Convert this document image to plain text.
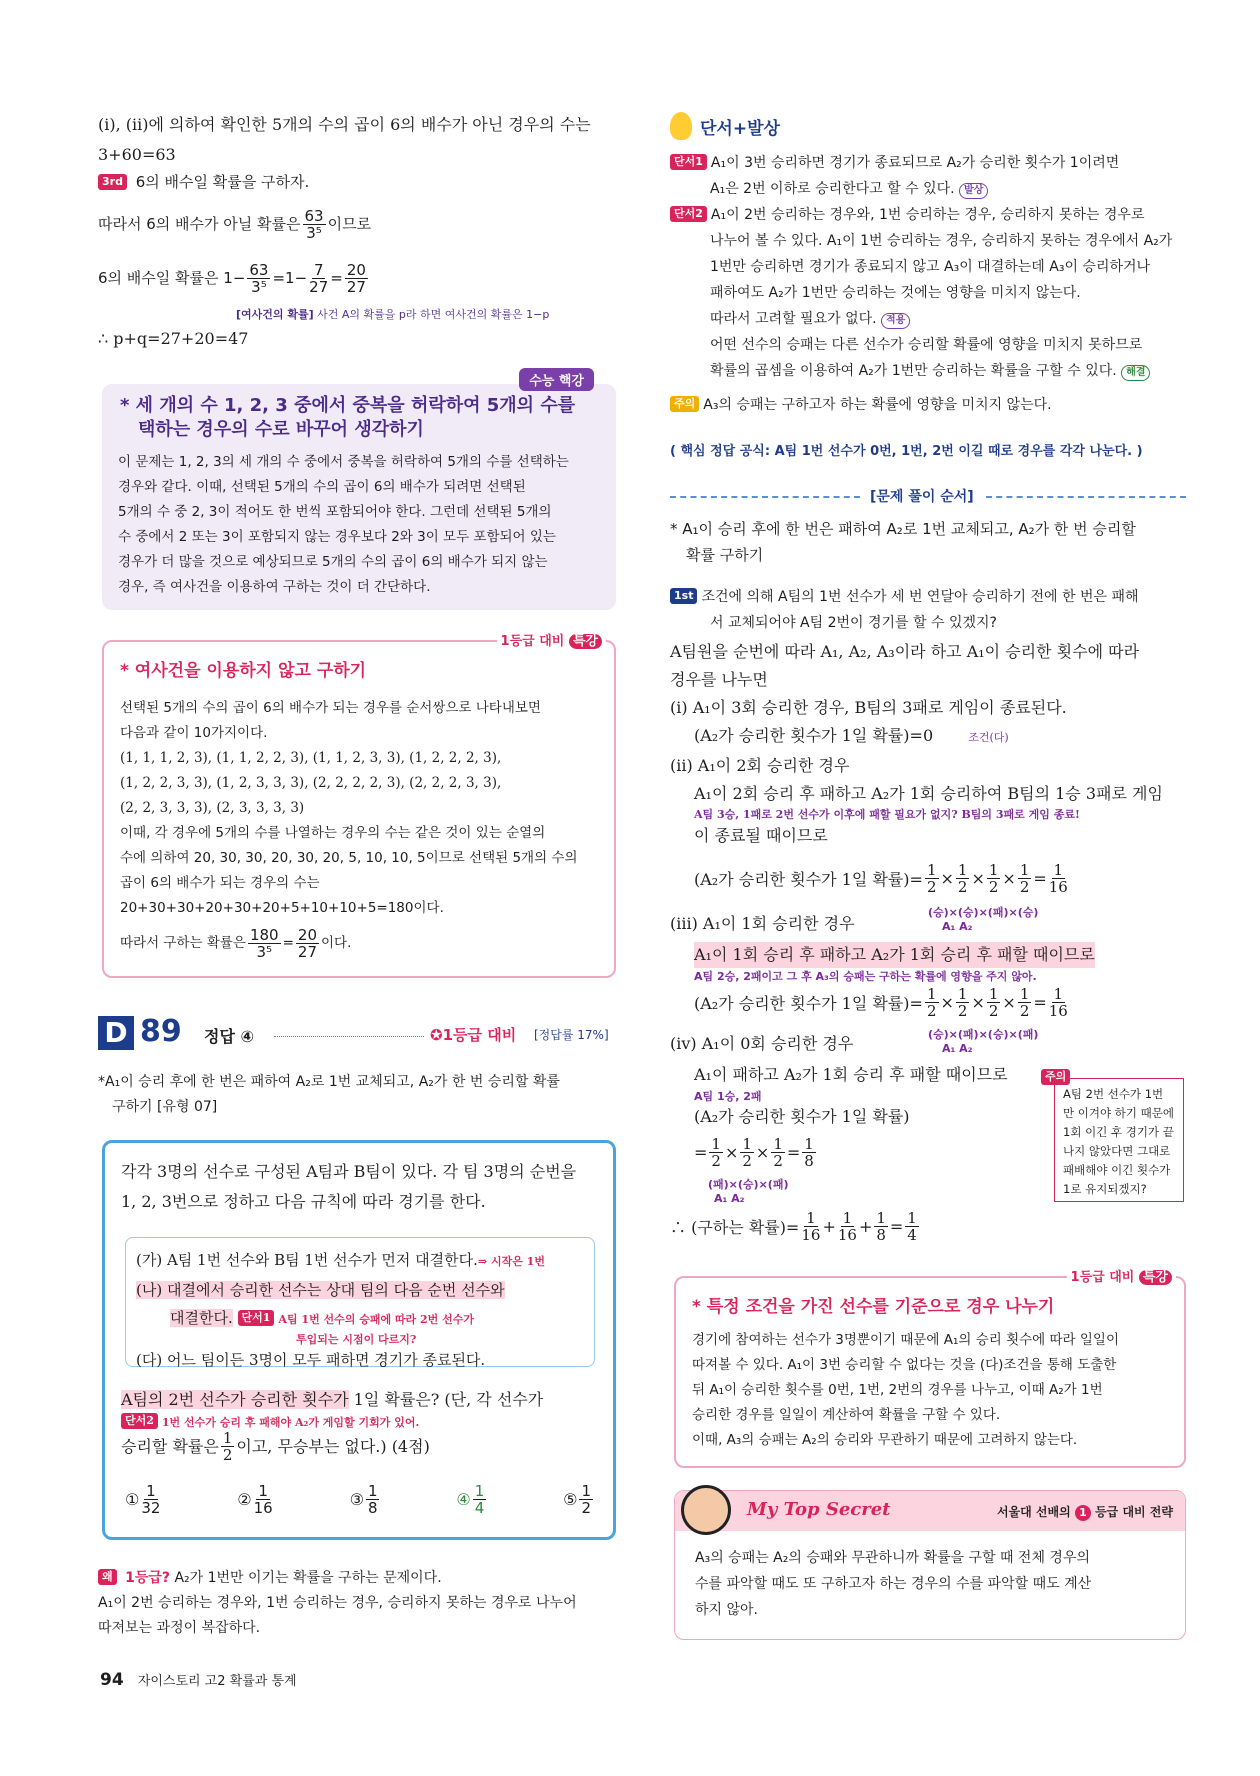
(i), (ii)에 의하여 확인한 5개의 수의 곱이 6의 배수가 아닌 경우의 수는
3+60=63
3rd 6의 배수일 확률을 구하자.
따라서 6의 배수가 아닐 확률은 $\frac{63}{\text{3⁵}}$ 이므로
6의 배수일 확률은 $1- \frac{63}{\text{3⁵}} =1- \frac{7}{27} = \frac{20}{27}$
[여사건의 확률] 사건 A의 확률을 p라 하면 여사건의 확률은 1−p
∴ p+q=27+20=47
수능 핵강
* 세 개의 수 1, 2, 3 중에서 중복을 허락하여 5개의 수를
택하는 경우의 수로 바꾸어 생각하기
이 문제는 1, 2, 3의 세 개의 수 중에서 중복을 허락하여 5개의 수를 선택하는
경우와 같다. 이때, 선택된 5개의 수의 곱이 6의 배수가 되려면 선택된
5개의 수 중 2, 3이 적어도 한 번씩 포함되어야 한다. 그런데 선택된 5개의
수 중에서 2 또는 3이 포함되지 않는 경우보다 2와 3이 모두 포함되어 있는
경우가 더 많을 것으로 예상되므로 5개의 수의 곱이 6의 배수가 되지 않는
경우, 즉 여사건을 이용하여 구하는 것이 더 간단하다.
1등급 대비 특강
* 여사건을 이용하지 않고 구하기
선택된 5개의 수의 곱이 6의 배수가 되는 경우를 순서쌍으로 나타내보면
다음과 같이 10가지이다.
(1, 1, 1, 2, 3), (1, 1, 2, 2, 3), (1, 1, 2, 3, 3), (1, 2, 2, 2, 3),
(1, 2, 2, 3, 3), (1, 2, 3, 3, 3), (2, 2, 2, 2, 3), (2, 2, 2, 3, 3),
(2, 2, 3, 3, 3), (2, 3, 3, 3, 3)
이때, 각 경우에 5개의 수를 나열하는 경우의 수는 같은 것이 있는 순열의
수에 의하여 20, 30, 30, 20, 30, 20, 5, 10, 10, 5이므로 선택된 5개의 수의
곱이 6의 배수가 되는 경우의 수는
20+30+30+20+30+20+5+10+10+5=180이다.
따라서 구하는 확률은 $\frac{180}{\text{3⁵}} = \frac{20}{27}$ 이다.
D 89 정답 ④	✪1등급 대비 [정답률 17%]
*A₁이 승리 후에 한 번은 패하여 A₂로 1번 교체되고, A₂가 한 번 승리할 확률
구하기 [유형 07]
각각 3명의 선수로 구성된 A팀과 B팀이 있다. 각 팀 3명의 순번을
1, 2, 3번으로 정하고 다음 규칙에 따라 경기를 한다.
(가) A팀 1번 선수와 B팀 1번 선수가 먼저 대결한다.⇒ 시작은 1번
(나) 대결에서 승리한 선수는 상대 팀의 다음 순번 선수와
대결한다. 단서1 A팀 1번 선수의 승패에 따라 2번 선수가
투입되는 시점이 다르지?
(다) 어느 팀이든 3명이 모두 패하면 경기가 종료된다.
A팀의 2번 선수가 승리한 횟수가 1일 확률은? (단, 각 선수가
단서2 1번 선수가 승리 후 패해야 A₂가 게임할 기회가 있어.
승리할 확률은 $\frac{1}{2}$ 이고, 무승부는 없다.) (4점)
① $\frac{1}{32}$	② $\frac{1}{16}$	③ $\frac{1}{8}$	④ $\frac{1}{4}$	⑤ $\frac{1}{2}$
왜 1등급? A₂가 1번만 이기는 확률을 구하는 문제이다.
A₁이 2번 승리하는 경우와, 1번 승리하는 경우, 승리하지 못하는 경우로 나누어
따져보는 과정이 복잡하다.
94 자이스토리 고2 확률과 통계
단서+발상
단서1 A₁이 3번 승리하면 경기가 종료되므로 A₂가 승리한 횟수가 1이려면
A₁은 2번 이하로 승리한다고 할 수 있다. 발상
단서2 A₁이 2번 승리하는 경우와, 1번 승리하는 경우, 승리하지 못하는 경우로
나누어 볼 수 있다. A₁이 1번 승리하는 경우, 승리하지 못하는 경우에서 A₂가
1번만 승리하면 경기가 종료되지 않고 A₃이 대결하는데 A₃이 승리하거나
패하여도 A₂가 1번만 승리하는 것에는 영향을 미치지 않는다.
따라서 고려할 필요가 없다. 적용
어떤 선수의 승패는 다른 선수가 승리할 확률에 영향을 미치지 못하므로
확률의 곱셈을 이용하여 A₂가 1번만 승리하는 확률을 구할 수 있다. 해결
주의 A₃의 승패는 구하고자 하는 확률에 영향을 미치지 않는다.
( 핵심 정답 공식: A팀 1번 선수가 0번, 1번, 2번 이길 때로 경우를 각각 나눈다. )
[문제 풀이 순서]
* A₁이 승리 후에 한 번은 패하여 A₂로 1번 교체되고, A₂가 한 번 승리할
확률 구하기
1st 조건에 의해 A팀의 1번 선수가 세 번 연달아 승리하기 전에 한 번은 패해
서 교체되어야 A팀 2번이 경기를 할 수 있겠지?
A팀원을 순번에 따라 A₁, A₂, A₃이라 하고 A₁이 승리한 횟수에 따라
경우를 나누면
(i) A₁이 3회 승리한 경우, B팀의 3패로 게임이 종료된다.
(A₂가 승리한 횟수가 1일 확률)=0	조건(다)
(ii) A₁이 2회 승리한 경우
A₁이 2회 승리 후 패하고 A₂가 1회 승리하여 B팀의 1승 3패로 게임
A팀 3승, 1패로 2번 선수가 이후에 패할 필요가 없지? B팀의 3패로 게임 종료!
이 종료될 때이므로
(A₂가 승리한 횟수가 1일 확률)= $\frac{1}{2} \times \frac{1}{2} \times \frac{1}{2} \times \frac{1}{2} = \frac{1}{16}$
(승)×(승)×(패)×(승)
A₁ A₂
(iii) A₁이 1회 승리한 경우
A₁이 1회 승리 후 패하고 A₂가 1회 승리 후 패할 때이므로
A팀 2승, 2패이고 그 후 A₃의 승패는 구하는 확률에 영향을 주지 않아.
(A₂가 승리한 횟수가 1일 확률)= $\frac{1}{2} \times \frac{1}{2} \times \frac{1}{2} \times \frac{1}{2} = \frac{1}{16}$
(승)×(패)×(승)×(패)
A₁ A₂
(iv) A₁이 0회 승리한 경우
A₁이 패하고 A₂가 1회 승리 후 패할 때이므로
A팀 1승, 2패
(A₂가 승리한 횟수가 1일 확률)
= $\frac{1}{2} \times \frac{1}{2} \times \frac{1}{2} = \frac{1}{8}$
(패)×(승)×(패)
A₁ A₂
주의
A팀 2번 선수가 1번
만 이겨야 하기 때문에
1회 이긴 후 경기가 끝
나지 않았다면 그대로
패배해야 이긴 횟수가
1로 유지되겠지?
∴ (구하는 확률)= $\frac{1}{16} + \frac{1}{16} + \frac{1}{8} = \frac{1}{4}$
1등급 대비 특강
* 특정 조건을 가진 선수를 기준으로 경우 나누기
경기에 참여하는 선수가 3명뿐이기 때문에 A₁의 승리 횟수에 따라 일일이
따져볼 수 있다. A₁이 3번 승리할 수 없다는 것을 (다)조건을 통해 도출한
뒤 A₁이 승리한 횟수를 0번, 1번, 2번의 경우를 나누고, 이때 A₂가 1번
승리한 경우를 일일이 계산하여 확률을 구할 수 있다.
이때, A₃의 승패는 A₂의 승리와 무관하기 때문에 고려하지 않는다.
My Top Secret	서울대 선배의 1 등급 대비 전략
A₃의 승패는 A₂의 승패와 무관하니까 확률을 구할 때 전체 경우의
수를 파악할 때도 또 구하고자 하는 경우의 수를 파악할 때도 계산
하지 않아.
